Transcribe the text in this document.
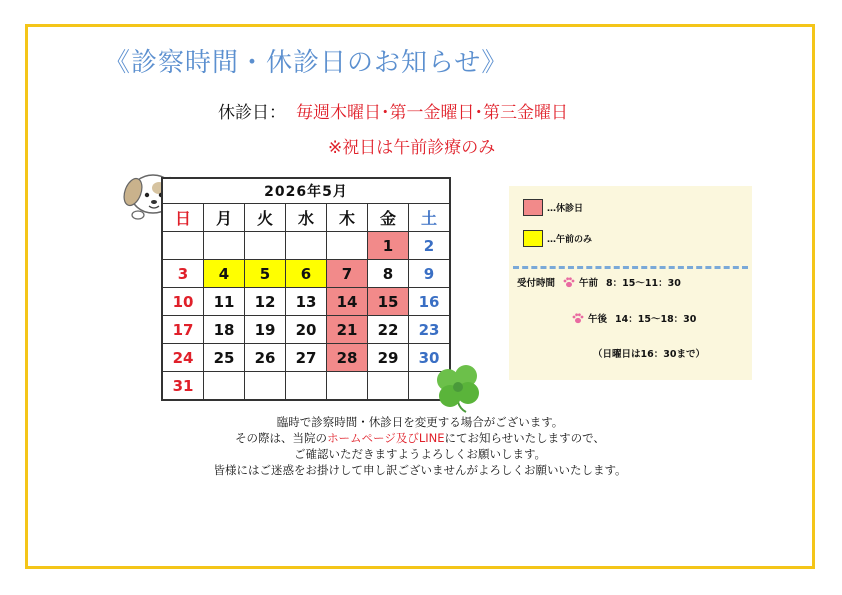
《診察時間・休診日のお知らせ》
休診日： 毎週木曜日･第一金曜日･第三金曜日
※祝日は午前診療のみ
2026年5月						
日	月	火	水	木	金	土
					1	2
3	4	5	6	7	8	9
10	11	12	13	14	15	16
17	18	19	20	21	22	23
24	25	26	27	28	29	30
31						
…休診日
…午前のみ
受付時間	午前 8：15〜11：30
午後 14：15〜18：30
（日曜日は16：30まで）
臨時で診察時間・休診日を変更する場合がございます。
その際は、当院のホームページ及びLINEにてお知らせいたしますので、
ご確認いただきますようよろしくお願いします。
皆様にはご迷惑をお掛けして申し訳ございませんがよろしくお願いいたします。
